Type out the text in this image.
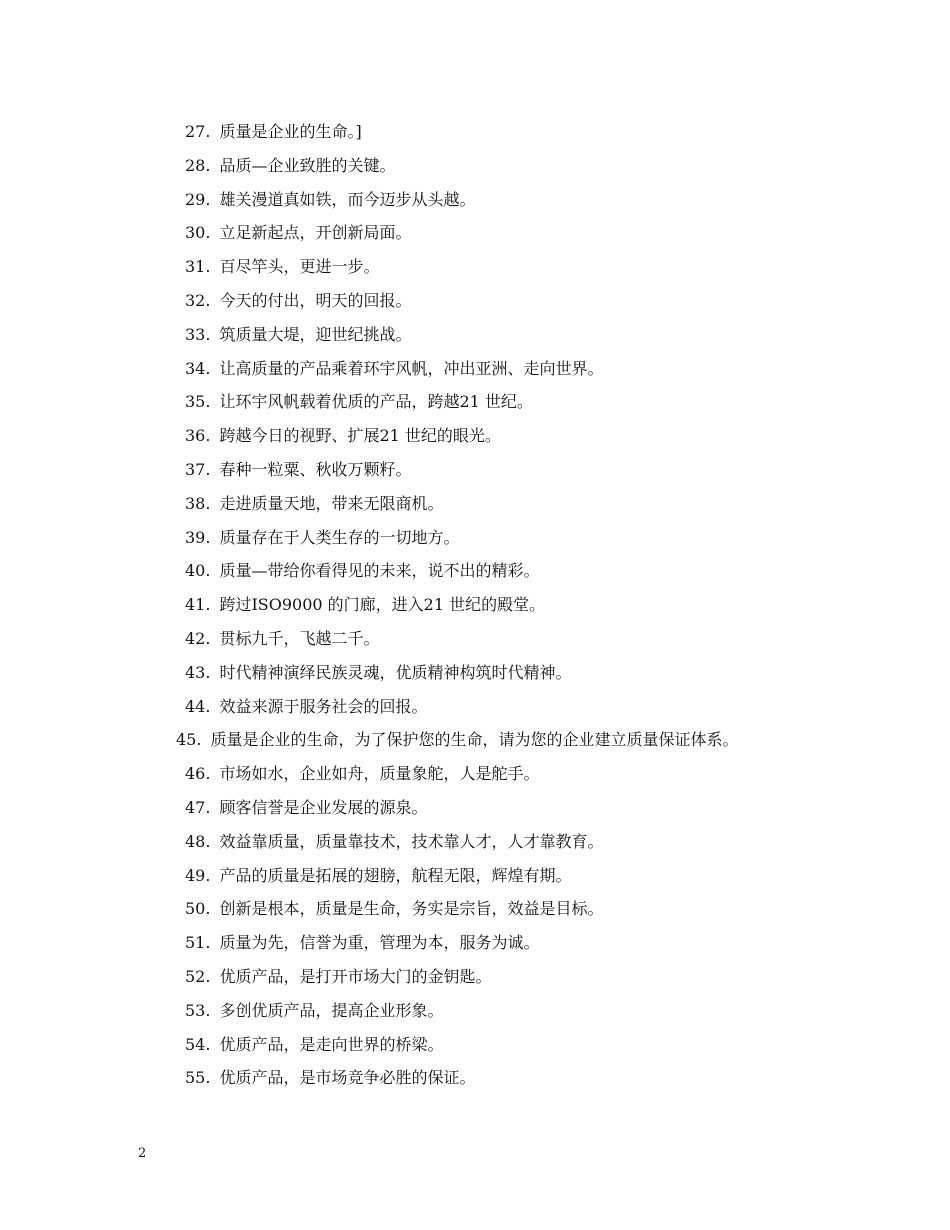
27. 质量是企业的生命。]
28. 品质—企业致胜的关键。
29. 雄关漫道真如铁，而今迈步从头越。
30. 立足新起点，开创新局面。
31. 百尽竿头，更进一步。
32. 今天的付出，明天的回报。
33. 筑质量大堤，迎世纪挑战。
34. 让高质量的产品乘着环宇风帆，冲出亚洲、走向世界。
35. 让环宇风帆载着优质的产品，跨越21 世纪。
36. 跨越今日的视野、扩展21 世纪的眼光。
37. 春种一粒粟、秋收万颗籽。
38. 走进质量天地，带来无限商机。
39. 质量存在于人类生存的一切地方。
40. 质量—带给你看得见的未来，说不出的精彩。
41. 跨过ISO9000 的门廊，进入21 世纪的殿堂。
42. 贯标九千，飞越二千。
43. 时代精神演绎民族灵魂，优质精神构筑时代精神。
44. 效益来源于服务社会的回报。
45. 质量是企业的生命，为了保护您的生命，请为您的企业建立质量保证体系。
46. 市场如水，企业如舟，质量象舵，人是舵手。
47. 顾客信誉是企业发展的源泉。
48. 效益靠质量，质量靠技术，技术靠人才，人才靠教育。
49. 产品的质量是拓展的翅膀，航程无限，辉煌有期。
50. 创新是根本，质量是生命，务实是宗旨，效益是目标。
51. 质量为先，信誉为重，管理为本，服务为诚。
52. 优质产品，是打开市场大门的金钥匙。
53. 多创优质产品，提高企业形象。
54. 优质产品，是走向世界的桥梁。
55. 优质产品，是市场竞争必胜的保证。
2
